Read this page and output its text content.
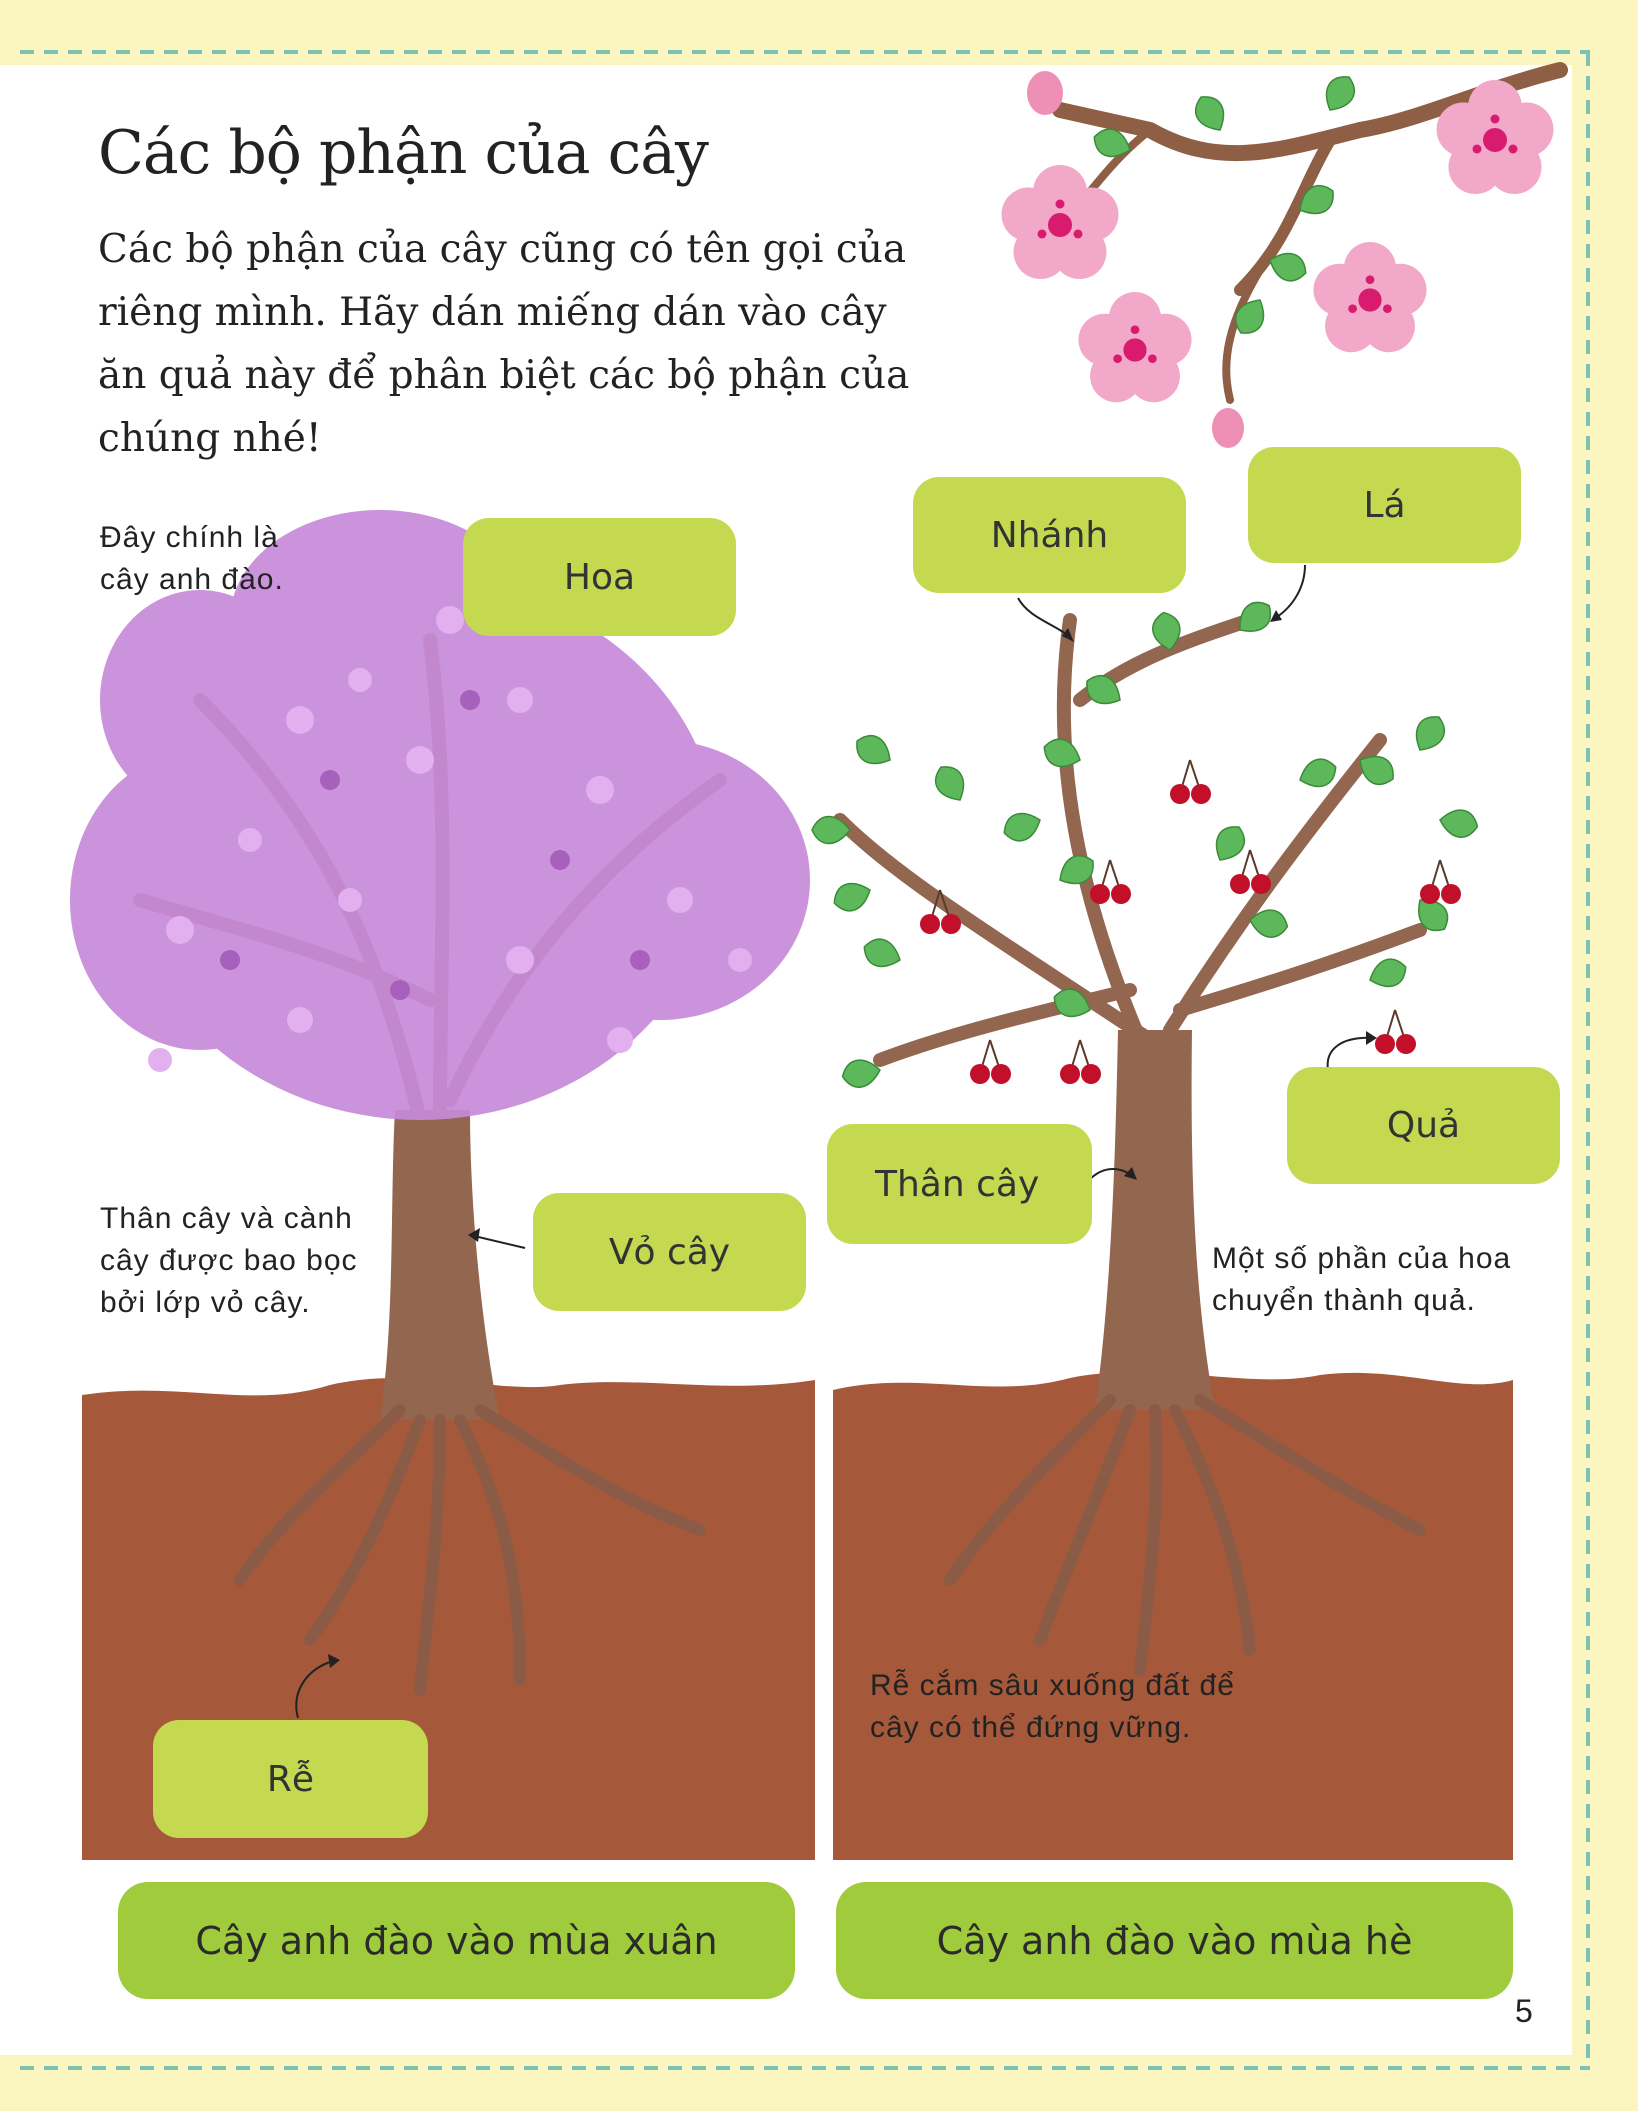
Các bộ phận của cây

Các bộ phận của cây cũng có tên gọi của
riêng mình. Hãy dán miếng dán vào cây
ăn quả này để phân biệt các bộ phận của
chúng nhé!

Đây chính là
cây anh đào.

Thân cây và cành
cây được bao bọc
bởi lớp vỏ cây.

Một số phần của hoa
chuyển thành quả.

Rễ cắm sâu xuống đất để
cây có thể đứng vững.

Hoa
Vỏ cây
Rễ
Nhánh
Lá
Quả
Thân cây
Cây anh đào vào mùa xuân	Cây anh đào vào mùa hè
5
